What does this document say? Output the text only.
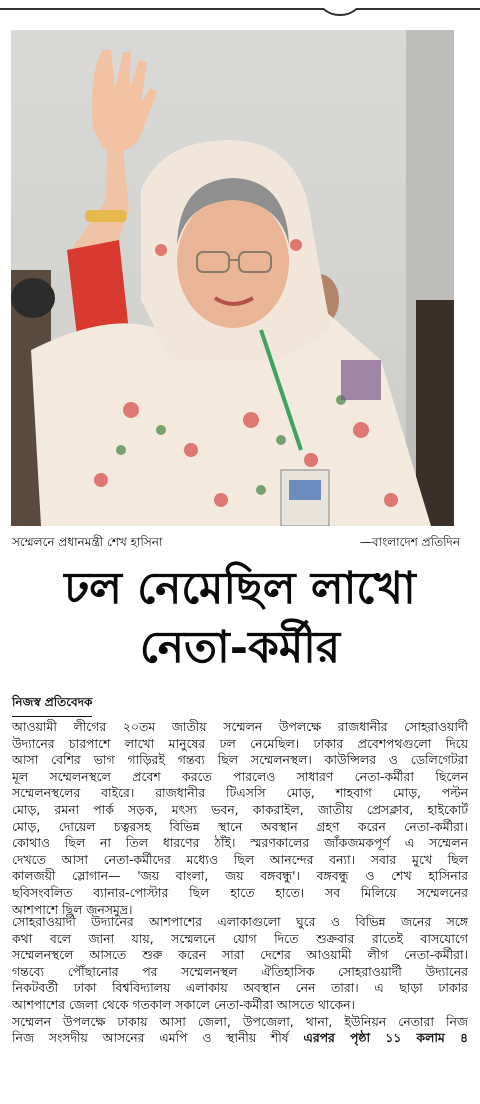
সম্মেলনে প্রধানমন্ত্রী শেখ হাসিনা	—বাংলাদেশ প্রতিদিন
ঢল নেমেছিল লাখো
নেতা-কর্মীর
নিজস্ব প্রতিবেদক
আওয়ামী লীগের ২০তম জাতীয় সম্মেলন উপলক্ষে রাজধানীর সোহরাওয়ার্দী
উদ্যানের চারপাশে লাখো মানুষের ঢল নেমেছিল। ঢাকার প্রবেশপথগুলো দিয়ে
আসা বেশির ভাগ গাড়িরই গন্তব্য ছিল সম্মেলনস্থল। কাউন্সিলর ও ডেলিগেটরা
মূল সম্মেলনস্থলে প্রবেশ করতে পারলেও সাধারণ নেতা-কর্মীরা ছিলেন
সম্মেলনস্থলের বাইরে। রাজধানীর টিএসসি মোড়, শাহবাগ মোড়, পল্টন
মোড়, রমনা পার্ক সড়ক, মৎস্য ভবন, কাকরাইল, জাতীয় প্রেসক্লাব, হাইকোর্ট
মোড়, দোয়েল চত্বরসহ বিভিন্ন স্থানে অবস্থান গ্রহণ করেন নেতা-কর্মীরা।
কোথাও ছিল না তিল ধারণের ঠাঁই। স্মরণকালের জাঁকজমকপূর্ণ এ সম্মেলন
দেখতে আসা নেতা-কর্মীদের মধ্যেও ছিল আনন্দের বন্যা। সবার মুখে ছিল
কালজয়ী স্লোগান— 'জয় বাংলা, জয় বঙ্গবন্ধু'। বঙ্গবন্ধু ও শেখ হাসিনার
ছবিসংবলিত ব্যানার-পোস্টার ছিল হাতে হাতে। সব মিলিয়ে সম্মেলনের
আশপাশে ছিল জনসমুদ্র।
সোহরাওয়ার্দী উদ্যানের আশপাশের এলাকাগুলো ঘুরে ও বিভিন্ন জনের সঙ্গে
কথা বলে জানা যায়, সম্মেলনে যোগ দিতে শুক্রবার রাতেই বাসযোগে
সম্মেলনস্থলে আসতে শুরু করেন সারা দেশের আওয়ামী লীগ নেতা-কর্মীরা।
গন্তব্যে পৌঁছানোর পর সম্মেলনস্থল ঐতিহাসিক সোহরাওয়ার্দী উদ্যানের
নিকটবর্তী ঢাকা বিশ্ববিদ্যালয় এলাকায় অবস্থান নেন তারা। এ ছাড়া ঢাকার
আশপাশের জেলা থেকে গতকাল সকালে নেতা-কর্মীরা আসতে থাকেন।
সম্মেলন উপলক্ষে ঢাকায় আসা জেলা, উপজেলা, থানা, ইউনিয়ন নেতারা নিজ
নিজ সংসদীয় আসনের এমপি ও স্থানীয় শীর্ষ এরপর পৃষ্ঠা ১১ কলাম ৪
